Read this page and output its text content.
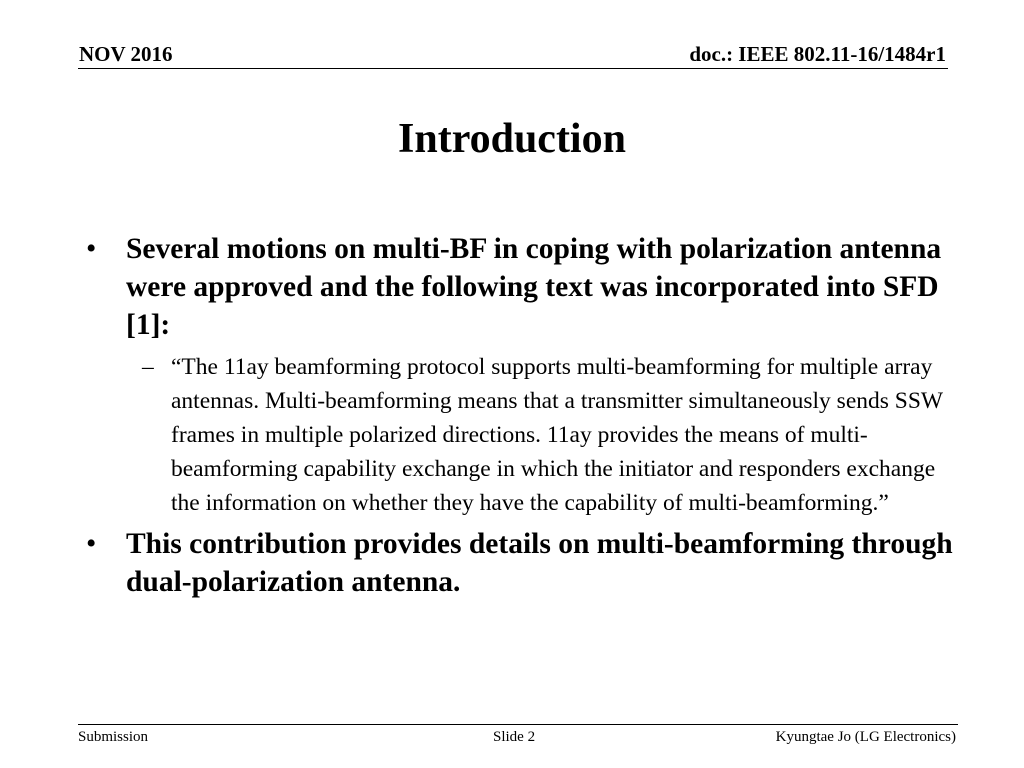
NOV 2016	doc.: IEEE 802.11-16/1484r1
Introduction
•	Several motions on multi-BF in coping with polarization antenna were approved and the following text was incorporated into SFD [1]:
– “The 11ay beamforming protocol supports multi-beamforming for multiple array antennas. Multi-beamforming means that a transmitter simultaneously sends SSW frames in multiple polarized directions. 11ay provides the means of multi-beamforming capability exchange in which the initiator and responders exchange the information on whether they have the capability of multi-beamforming.”
•	This contribution provides details on multi-beamforming through dual-polarization antenna.
Submission	Slide 2	Kyungtae Jo (LG Electronics)
